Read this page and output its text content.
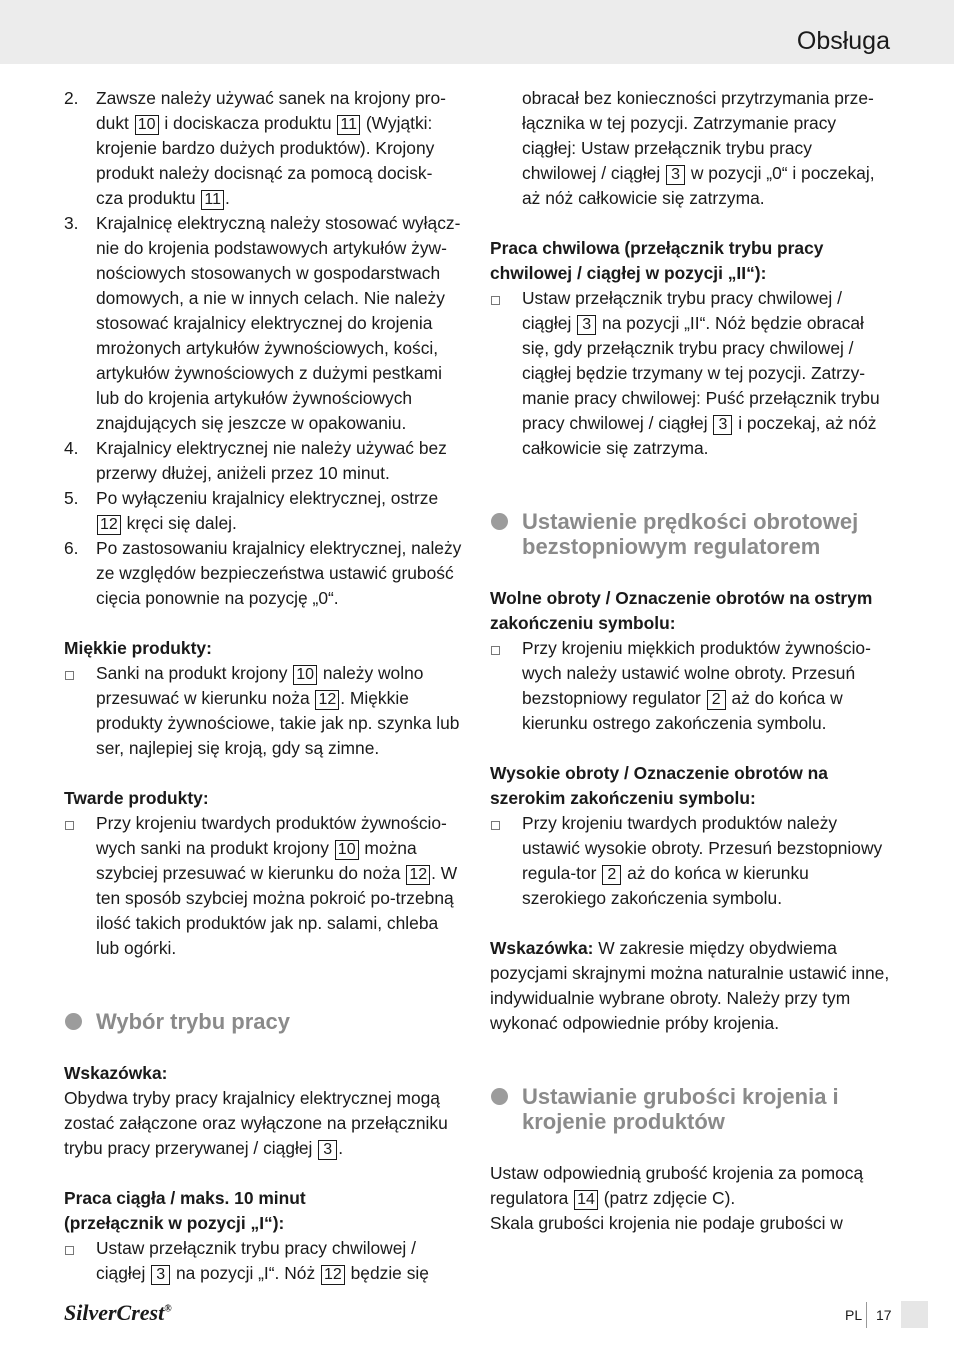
Obsługa
2. Zawsze należy używać sanek na krojony pro-
dukt 10 i dociskacza produktu 11 (Wyjątki:
krojenie bardzo dużych produktów). Krojony
produkt należy docisnąć za pomocą docisk-
cza produktu 11 .
3. Krajalnicę elektryczną należy stosować wyłącz-nie do krojenia podstawowych artykułów żyw-nościowych stosowanych w gospodarstwach domowych, a nie w innych celach. Nie należy stosować krajalnicy elektrycznej do krojenia mrożonych artykułów żywnościowych, kości, artykułów żywnościowych z dużymi pestkami lub do krojenia artykułów żywnościowych znajdujących się jeszcze w opakowaniu.
4. Krajalnicy elektrycznej nie należy używać bez przerwy dłużej, aniżeli przez 10 minut.
5. Po wyłączeniu krajalnicy elektrycznej, ostrze 12 kręci się dalej.
6. Po zastosowaniu krajalnicy elektrycznej, należy ze względów bezpieczeństwa ustawić grubość cięcia ponownie na pozycję „0“.

Miękkie produkty:

Sanki na produkt krojony 10 należy wolno przesuwać w kierunku noża 12 . Miękkie produkty żywnościowe, takie jak np. szynka lub ser, najlepiej się kroją, gdy są zimne.

Twarde produkty:

Przy krojeniu twardych produktów żywnościo-wych sanki na produkt krojony 10 można szybciej przesuwać w kierunku do noża 12 . W ten sposób szybciej można pokroić po-trzebną ilość takich produktów jak np. salami, chleba lub ogórki.
Wybór trybu pracy

Wskazówka:

Obydwa tryby pracy krajalnicy elektrycznej mogą zostać załączone oraz wyłączone na przełączniku trybu pracy przerywanej / ciągłej 3 .

Praca ciągła / maks. 10 minut
(przełącznik w pozycji „I“):

Ustaw przełącznik trybu pracy chwilowej / ciągłej 3 na pozycji „I“. Nóż 12 będzie się
obracał bez konieczności przytrzymania prze-łącznika w tej pozycji. Zatrzymanie pracy ciągłej: Ustaw przełącznik trybu pracy chwilowej / ciągłej 3 w pozycji „0“ i poczekaj, aż nóż całkowicie się zatrzyma.

Praca chwilowa (przełącznik trybu pracy chwilowej / ciągłej w pozycji „II“):

Ustaw przełącznik trybu pracy chwilowej / ciągłej 3 na pozycji „II“. Nóż będzie obracał się, gdy przełącznik trybu pracy chwilowej / ciągłej będzie trzymany w tej pozycji. Zatrzy-manie pracy chwilowej: Puść przełącznik trybu pracy chwilowej / ciągłej 3 i poczekaj, aż nóż całkowicie się zatrzyma.
Ustawienie prędkości obrotowej bezstopniowym regulatorem

Wolne obroty / Oznaczenie obrotów na ostrym zakończeniu symbolu:

Przy krojeniu miękkich produktów żywnościo-wych należy ustawić wolne obroty. Przesuń bezstopniowy regulator 2 aż do końca w kierunku ostrego zakończenia symbolu.

Wysokie obroty / Oznaczenie obrotów na szerokim zakończeniu symbolu:

Przy krojeniu twardych produktów należy ustawić wysokie obroty. Przesuń bezstopniowy regula-tor 2 aż do końca w kierunku szerokiego zakończenia symbolu.

Wskazówka: W zakresie między obydwiema pozycjami skrajnymi można naturalnie ustawić inne, indywidualnie wybrane obroty. Należy przy tym wykonać odpowiednie próby krojenia.

Ustawianie grubości krojenia i krojenie produktów

Ustaw odpowiednią grubość krojenia za pomocą regulatora 14 (patrz zdjęcie C).

Skala grubości krojenia nie podaje grubości w

SilverCrest®	PL 17
